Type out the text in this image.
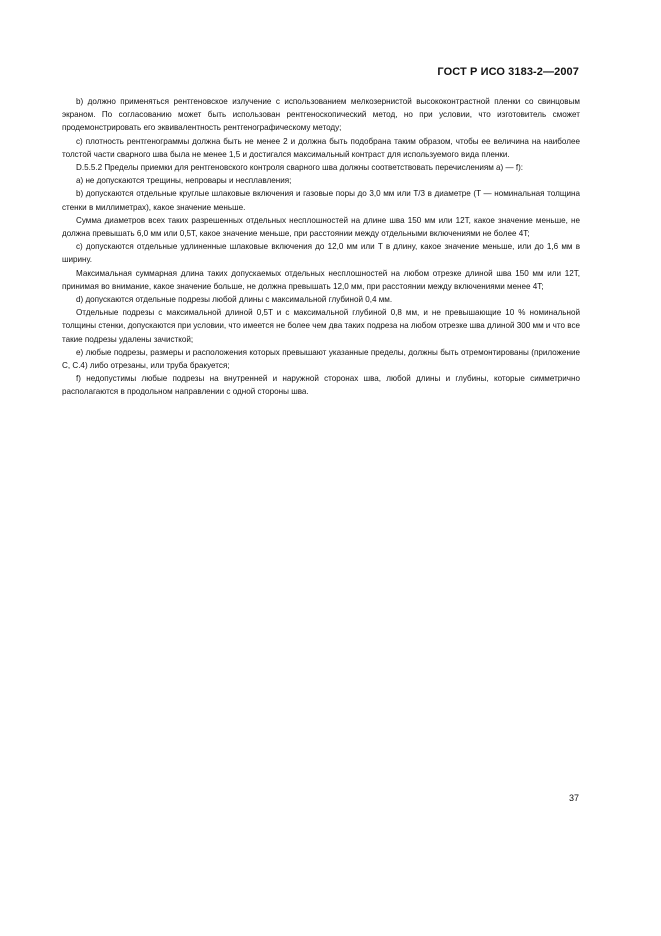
ГОСТ Р ИСО 3183-2—2007

b) должно применяться рентгеновское излучение с использованием мелкозернистой высококонтрастной пленки со свинцовым экраном. По согласованию может быть использован рентгеноскопический метод, но при условии, что изготовитель сможет продемонстрировать его эквивалентность рентгенографическому методу;

c) плотность рентгенограммы должна быть не менее 2 и должна быть подобрана таким образом, чтобы ее величина на наиболее толстой части сварного шва была не менее 1,5 и достигался максимальный контраст для используемого вида пленки.

D.5.5.2 Пределы приемки для рентгеновского контроля сварного шва должны соответствовать перечислениям a) — f):

a) не допускаются трещины, непровары и несплавления;

b) допускаются отдельные круглые шлаковые включения и газовые поры до 3,0 мм или T/3 в диаметре (T — номинальная толщина стенки в миллиметрах), какое значение меньше.

Сумма диаметров всех таких разрешенных отдельных несплошностей на длине шва 150 мм или 12T, какое значение меньше, не должна превышать 6,0 мм или 0,5T, какое значение меньше, при расстоянии между отдельными включениями не более 4T;

c) допускаются отдельные удлиненные шлаковые включения до 12,0 мм или T в длину, какое значение меньше, или до 1,6 мм в ширину.

Максимальная суммарная длина таких допускаемых отдельных несплошностей на любом отрезке длиной шва 150 мм или 12T, принимая во внимание, какое значение больше, не должна превышать 12,0 мм, при расстоянии между включениями менее 4T;

d) допускаются отдельные подрезы любой длины с максимальной глубиной 0,4 мм.

Отдельные подрезы с максимальной длиной 0,5T и с максимальной глубиной 0,8 мм, и не превышающие 10 % номинальной толщины стенки, допускаются при условии, что имеется не более чем два таких подреза на любом отрезке шва длиной 300 мм и что все такие подрезы удалены зачисткой;

e) любые подрезы, размеры и расположения которых превышают указанные пределы, должны быть отремонтированы (приложение C, C.4) либо отрезаны, или труба бракуется;

f) недопустимы любые подрезы на внутренней и наружной сторонах шва, любой длины и глубины, которые симметрично располагаются в продольном направлении с одной стороны шва.

37
